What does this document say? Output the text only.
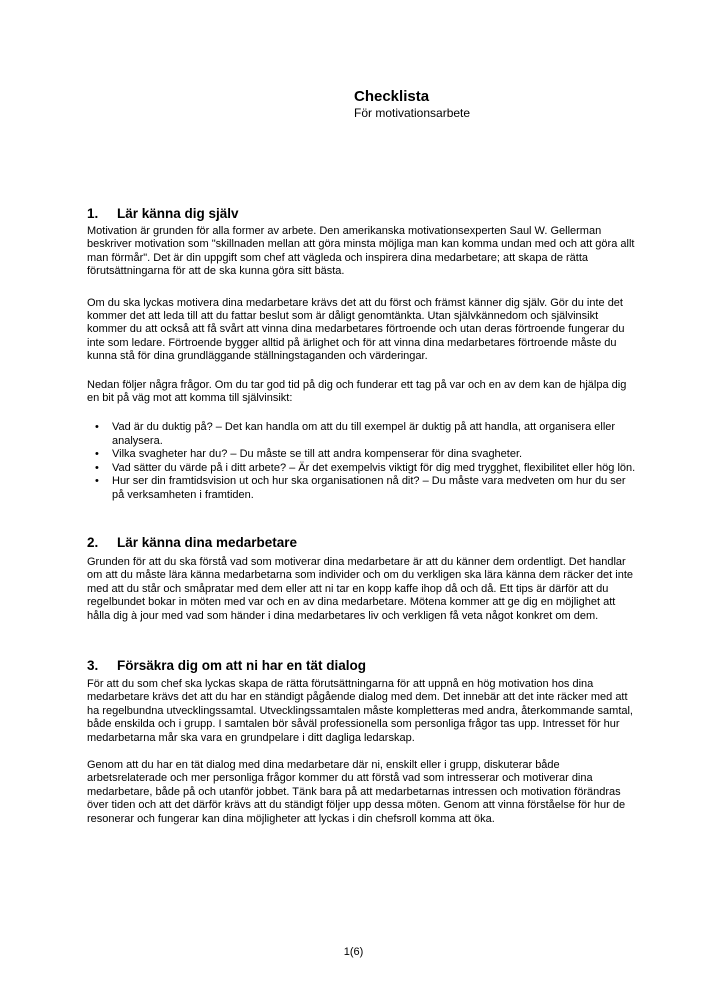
Checklista
För motivationsarbete
1.	Lär känna dig själv

Motivation är grunden för alla former av arbete. Den amerikanska motivationsexperten Saul W. Gellerman beskriver motivation som "skillnaden mellan att göra minsta möjliga man kan komma undan med och att göra allt man förmår". Det är din uppgift som chef att vägleda och inspirera dina medarbetare; att skapa de rätta förutsättningarna för att de ska kunna göra sitt bästa.

Om du ska lyckas motivera dina medarbetare krävs det att du först och främst känner dig själv. Gör du inte det kommer det att leda till att du fattar beslut som är dåligt genomtänkta. Utan självkännedom och självinsikt kommer du att också att få svårt att vinna dina medarbetares förtroende och utan deras förtroende fungerar du inte som ledare. Förtroende bygger alltid på ärlighet och för att vinna dina medarbetares förtroende måste du kunna stå för dina grundläggande ställningstaganden och värderingar.

Nedan följer några frågor. Om du tar god tid på dig och funderar ett tag på var och en av dem kan de hjälpa dig en bit på väg mot att komma till självinsikt:

• Vad är du duktig på? – Det kan handla om att du till exempel är duktig på att handla, att organisera eller analysera.
• Vilka svagheter har du? – Du måste se till att andra kompenserar för dina svagheter.
• Vad sätter du värde på i ditt arbete? – Är det exempelvis viktigt för dig med trygghet, flexibilitet eller hög lön.
• Hur ser din framtidsvision ut och hur ska organisationen nå dit? – Du måste vara medveten om hur du ser på verksamheten i framtiden.
2.	Lär känna dina medarbetare

Grunden för att du ska förstå vad som motiverar dina medarbetare är att du känner dem ordentligt. Det handlar om att du måste lära känna medarbetarna som individer och om du verkligen ska lära känna dem räcker det inte med att du står och småpratar med dem eller att ni tar en kopp kaffe ihop då och då. Ett tips är därför att du regelbundet bokar in möten med var och en av dina medarbetare. Mötena kommer att ge dig en möjlighet att hålla dig à jour med vad som händer i dina medarbetares liv och verkligen få veta något konkret om dem.

3.	Försäkra dig om att ni har en tät dialog

För att du som chef ska lyckas skapa de rätta förutsättningarna för att uppnå en hög motivation hos dina medarbetare krävs det att du har en ständigt pågående dialog med dem. Det innebär att det inte räcker med att ha regelbundna utvecklingssamtal. Utvecklingssamtalen måste kompletteras med andra, återkommande samtal, både enskilda och i grupp. I samtalen bör såväl professionella som personliga frågor tas upp. Intresset för hur medarbetarna mår ska vara en grundpelare i ditt dagliga ledarskap.

Genom att du har en tät dialog med dina medarbetare där ni, enskilt eller i grupp, diskuterar både arbetsrelaterade och mer personliga frågor kommer du att förstå vad som intresserar och motiverar dina medarbetare, både på och utanför jobbet. Tänk bara på att medarbetarnas intressen och motivation förändras över tiden och att det därför krävs att du ständigt följer upp dessa möten. Genom att vinna förståelse för hur de resonerar och fungerar kan dina möjligheter att lyckas i din chefsroll komma att öka.

1(6)
